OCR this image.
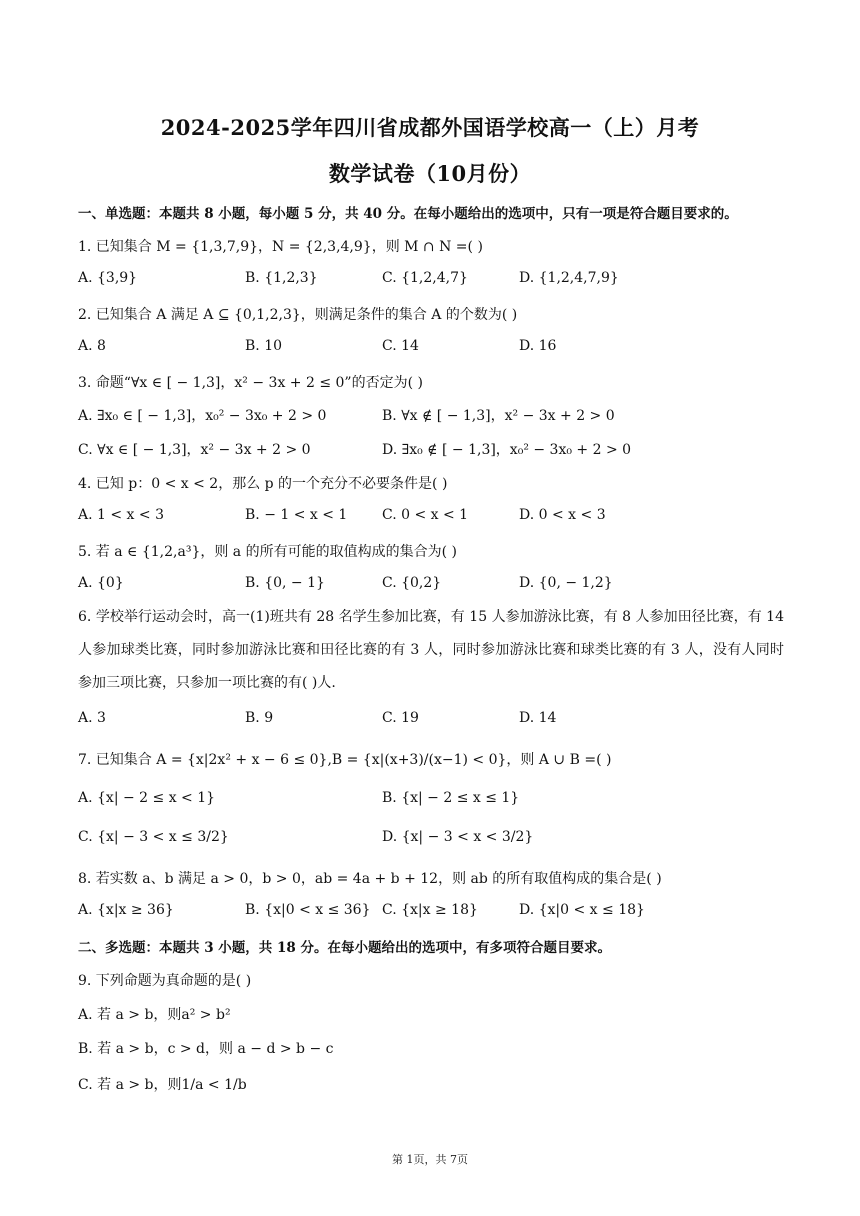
2024-2025学年四川省成都外国语学校高一（上）月考
数学试卷（10月份）
一、单选题：本题共 8 小题，每小题 5 分，共 40 分。在每小题给出的选项中，只有一项是符合题目要求的。
1. 已知集合 M = {1,3,7,9}，N = {2,3,4,9}，则 M ∩ N =( )
A. {3,9}	B. {1,2,3}	C. {1,2,4,7}	D. {1,2,4,7,9}
2. 已知集合 A 满足 A ⊆ {0,1,2,3}，则满足条件的集合 A 的个数为( )
A. 8	B. 10	C. 14	D. 16
3. 命题“∀x ∈ [ − 1,3]，x² − 3x + 2 ≤ 0”的否定为( )
A. ∃x₀ ∈ [ − 1,3]，x₀² − 3x₀ + 2 > 0	B. ∀x ∉ [ − 1,3]，x² − 3x + 2 > 0
C. ∀x ∈ [ − 1,3]，x² − 3x + 2 > 0	D. ∃x₀ ∉ [ − 1,3]，x₀² − 3x₀ + 2 > 0
4. 已知 p：0 < x < 2，那么 p 的一个充分不必要条件是( )
A. 1 < x < 3	B. − 1 < x < 1 C. 0 < x < 1	D. 0 < x < 3
5. 若 a ∈ {1,2,a³}，则 a 的所有可能的取值构成的集合为( )
A. {0}	B. {0, − 1}	C. {0,2}	D. {0, − 1,2}
6. 学校举行运动会时，高一(1)班共有 28 名学生参加比赛，有 15 人参加游泳比赛，有 8 人参加田径比赛，有 14 人参加球类比赛，同时参加游泳比赛和田径比赛的有 3 人，同时参加游泳比赛和球类比赛的有 3 人，没有人同时参加三项比赛，只参加一项比赛的有( )人.
A. 3	B. 9	C. 19	D. 14
7. 已知集合 A = {x|2x² + x − 6 ≤ 0},B = {x|(x+3)/(x−1) < 0}，则 A ∪ B =( )
A. {x| − 2 ≤ x < 1}	B. {x| − 2 ≤ x ≤ 1}
C. {x| − 3 < x ≤ 3/2}	D. {x| − 3 < x < 3/2}
8. 若实数 a、b 满足 a > 0，b > 0，ab = 4a + b + 12，则 ab 的所有取值构成的集合是( )
A. {x|x ≥ 36}	B. {x|0 < x ≤ 36} C. {x|x ≥ 18}	D. {x|0 < x ≤ 18}
二、多选题：本题共 3 小题，共 18 分。在每小题给出的选项中，有多项符合题目要求。
9. 下列命题为真命题的是( )
A. 若 a > b，则a² > b²
B. 若 a > b，c > d，则 a − d > b − c
C. 若 a > b，则1/a < 1/b
第 1页，共 7页
